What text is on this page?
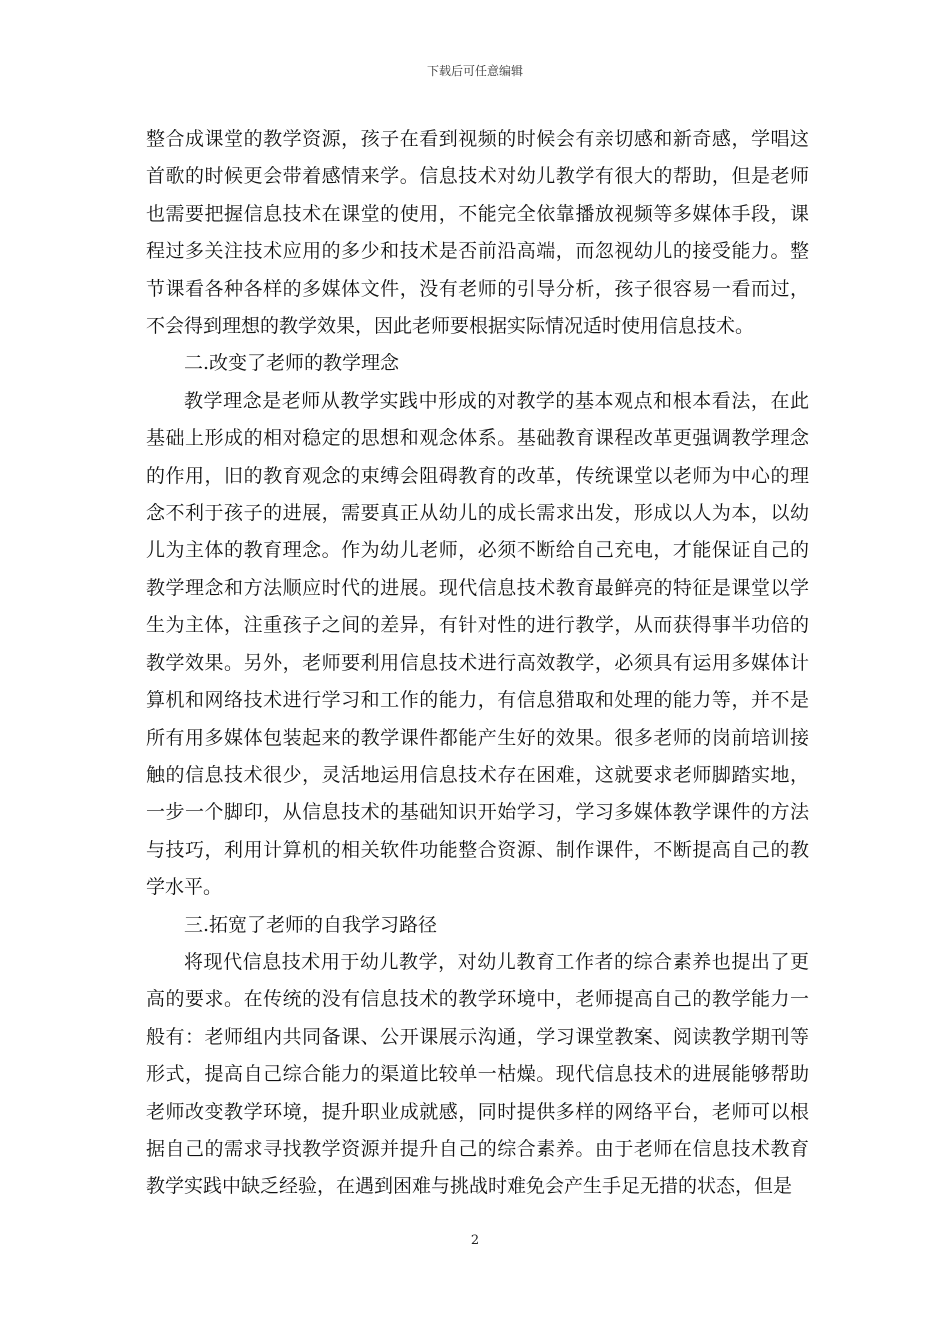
下载后可任意编辑

整合成课堂的教学资源，孩子在看到视频的时候会有亲切感和新奇感，学唱这首歌的时候更会带着感情来学。信息技术对幼儿教学有很大的帮助，但是老师也需要把握信息技术在课堂的使用，不能完全依靠播放视频等多媒体手段，课程过多关注技术应用的多少和技术是否前沿高端，而忽视幼儿的接受能力。整节课看各种各样的多媒体文件，没有老师的引导分析，孩子很容易一看而过，不会得到理想的教学效果，因此老师要根据实际情况适时使用信息技术。

二.改变了老师的教学理念

教学理念是老师从教学实践中形成的对教学的基本观点和根本看法，在此基础上形成的相对稳定的思想和观念体系。基础教育课程改革更强调教学理念的作用，旧的教育观念的束缚会阻碍教育的改革，传统课堂以老师为中心的理念不利于孩子的进展，需要真正从幼儿的成长需求出发，形成以人为本，以幼儿为主体的教育理念。作为幼儿老师，必须不断给自己充电，才能保证自己的教学理念和方法顺应时代的进展。现代信息技术教育最鲜亮的特征是课堂以学生为主体，注重孩子之间的差异，有针对性的进行教学，从而获得事半功倍的教学效果。另外，老师要利用信息技术进行高效教学，必须具有运用多媒体计算机和网络技术进行学习和工作的能力，有信息猎取和处理的能力等，并不是所有用多媒体包装起来的教学课件都能产生好的效果。很多老师的岗前培训接触的信息技术很少，灵活地运用信息技术存在困难，这就要求老师脚踏实地，一步一个脚印，从信息技术的基础知识开始学习，学习多媒体教学课件的方法与技巧，利用计算机的相关软件功能整合资源、制作课件，不断提高自己的教学水平。

三.拓宽了老师的自我学习路径

将现代信息技术用于幼儿教学，对幼儿教育工作者的综合素养也提出了更高的要求。在传统的没有信息技术的教学环境中，老师提高自己的教学能力一般有：老师组内共同备课、公开课展示沟通，学习课堂教案、阅读教学期刊等形式，提高自己综合能力的渠道比较单一枯燥。现代信息技术的进展能够帮助老师改变教学环境，提升职业成就感，同时提供多样的网络平台，老师可以根据自己的需求寻找教学资源并提升自己的综合素养。由于老师在信息技术教育教学实践中缺乏经验，在遇到困难与挑战时难免会产生手足无措的状态，但是

2
